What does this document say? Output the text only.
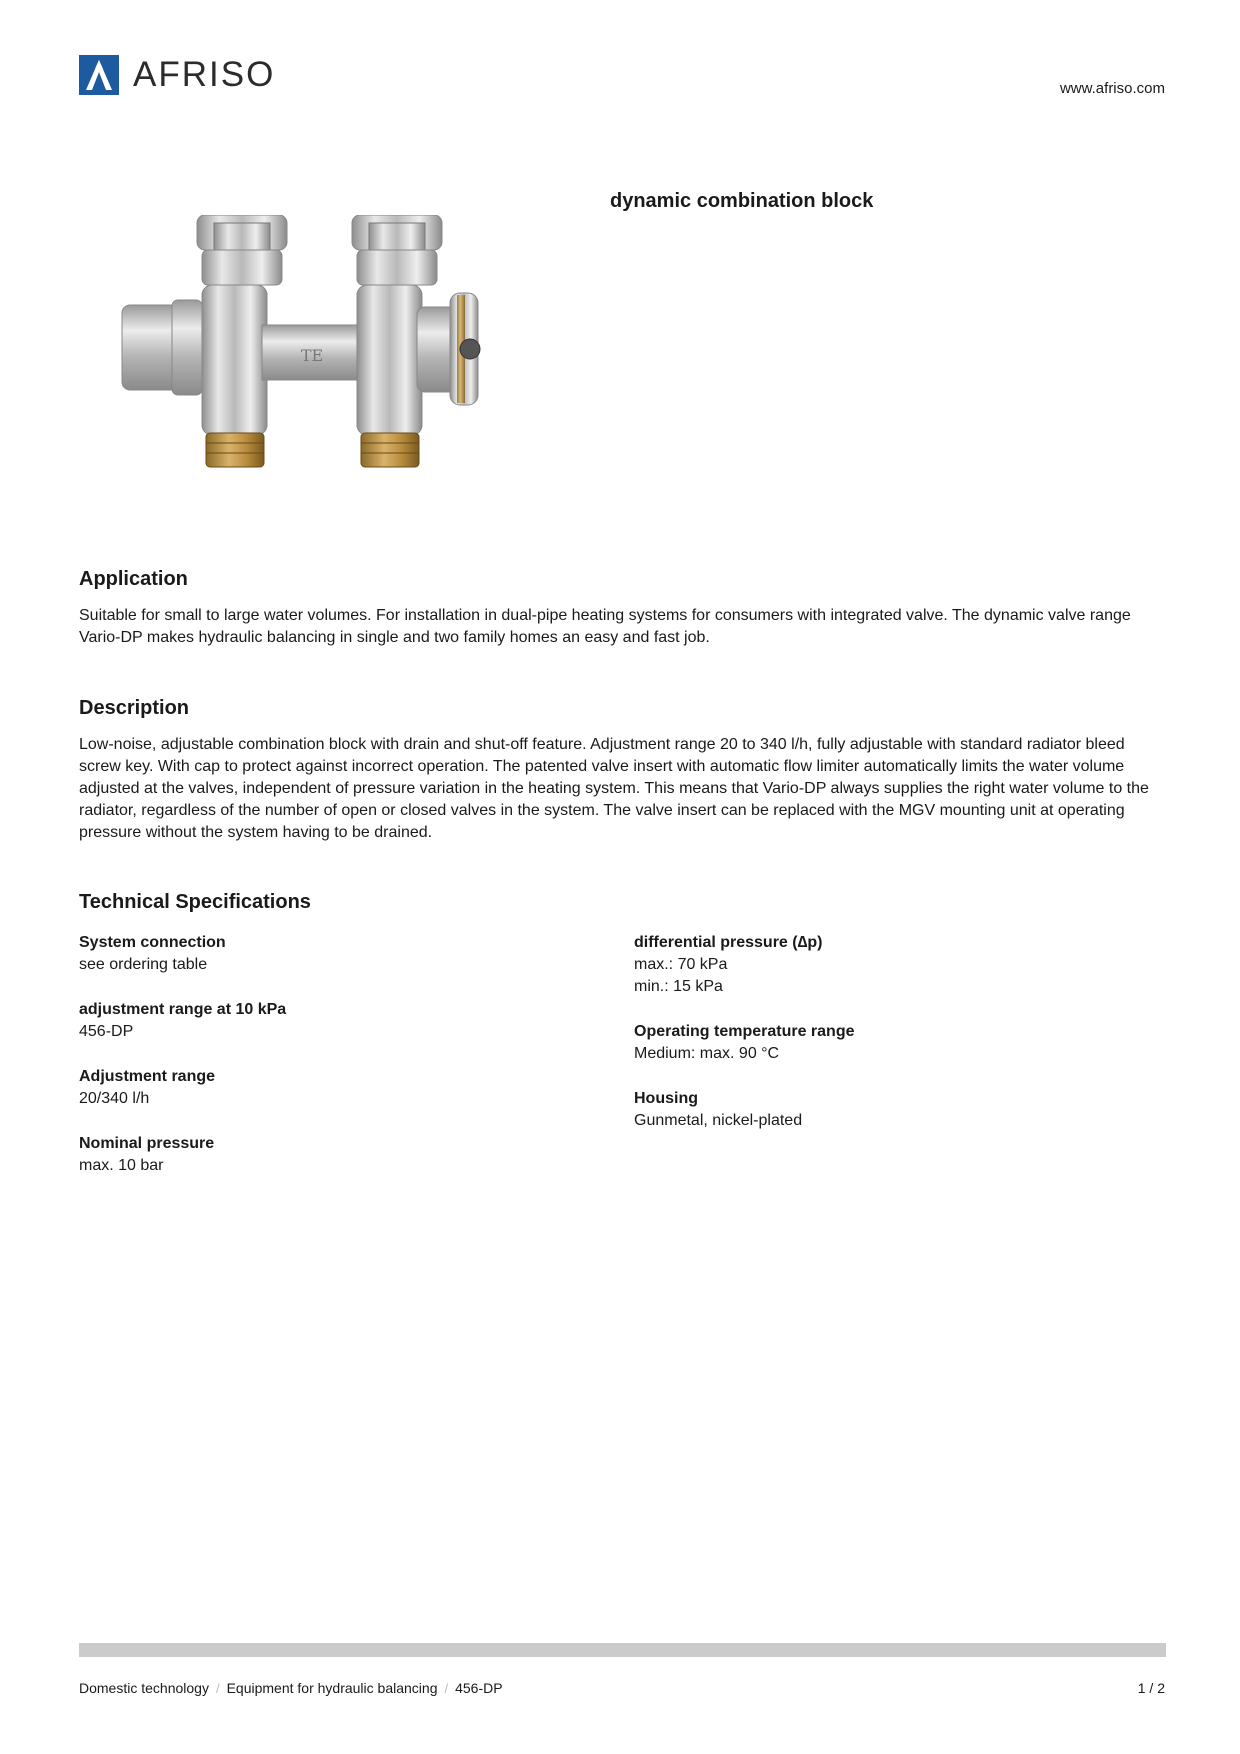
AFRISO	www.afriso.com
TE
dynamic combination block
Application

Suitable for small to large water volumes. For installation in dual-pipe heating systems for consumers with integrated valve. The dynamic valve range Vario-DP makes hydraulic balancing in single and two family homes an easy and fast job.

Description

Low-noise, adjustable combination block with drain and shut-off feature. Adjustment range 20 to 340 l/h, fully adjustable with standard radiator bleed screw key. With cap to protect against incorrect operation. The patented valve insert with automatic flow limiter automatically limits the water volume adjusted at the valves, independent of pressure variation in the heating system. This means that Vario-DP always supplies the right water volume to the radiator, regardless of the number of open or closed valves in the system. The valve insert can be replaced with the MGV mounting unit at operating pressure without the system having to be drained.

Technical Specifications
System connection
see ordering table
adjustment range at 10 kPa
456-DP
Adjustment range
20/340 l/h
Nominal pressure
max. 10 bar
differential pressure (∆p)
max.: 70 kPa
min.: 15 kPa
Operating temperature range
Medium: max. 90 °C
Housing
Gunmetal, nickel-plated
Domestic technology / Equipment for hydraulic balancing / 456-DP	1 / 2
